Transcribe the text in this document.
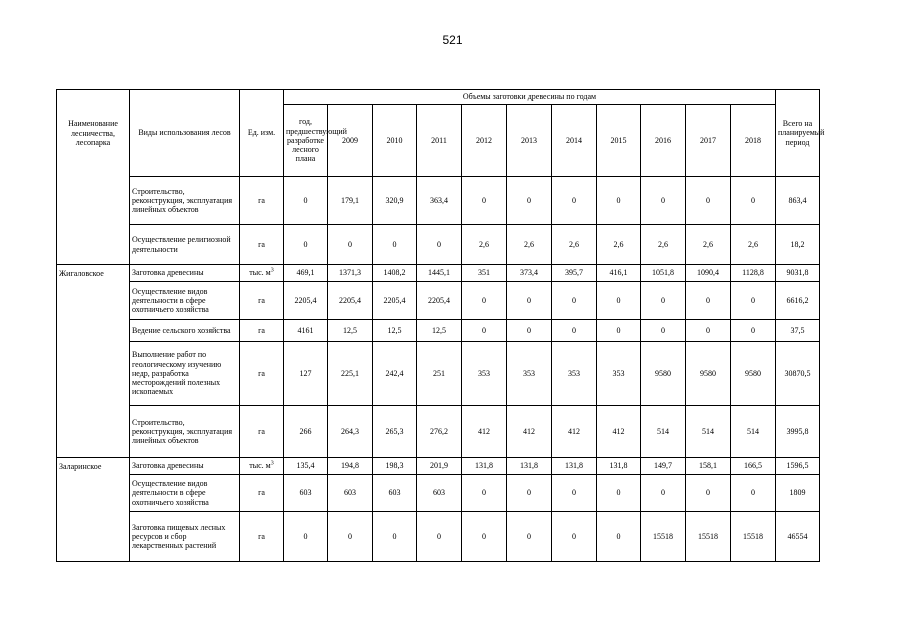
521
Наименование лесничества, лесопарка	Виды использования лесов	Ед. изм.	Объемы заготовки древесины по годам											Всего на планируемый период
			год, предшествующий разработке лесного плана	2009	2010	2011	2012	2013	2014	2015	2016	2017	2018	
	Строительство, реконструкция, эксплуатация линейных объектов	га	0	179,1	320,9	363,4	0	0	0	0	0	0	0	863,4
	Осуществление религиозной деятельности	га	0	0	0	0	2,6	2,6	2,6	2,6	2,6	2,6	2,6	18,2
Жигаловское	Заготовка древесины	тыс. $м^3$	469,1	1371,3	1408,2	1445,1	351	373,4	395,7	416,1	1051,8	1090,4	1128,8	9031,8
	Осуществление видов деятельности в сфере охотничьего хозяйства	га	2205,4	2205,4	2205,4	2205,4	0	0	0	0	0	0	0	6616,2
	Ведение сельского хозяйства	га	4161	12,5	12,5	12,5	0	0	0	0	0	0	0	37,5
	Выполнение работ по геологическому изучению недр, разработка месторождений полезных ископаемых	га	127	225,1	242,4	251	353	353	353	353	9580	9580	9580	30870,5
	Строительство, реконструкция, эксплуатация линейных объектов	га	266	264,3	265,3	276,2	412	412	412	412	514	514	514	3995,8
Заларинское	Заготовка древесины	тыс. $м^3$	135,4	194,8	198,3	201,9	131,8	131,8	131,8	131,8	149,7	158,1	166,5	1596,5
	Осуществление видов деятельности в сфере охотничьего хозяйства	га	603	603	603	603	0	0	0	0	0	0	0	1809
	Заготовка пищевых лесных ресурсов и сбор лекарственных растений	га	0	0	0	0	0	0	0	0	15518	15518	15518	46554
